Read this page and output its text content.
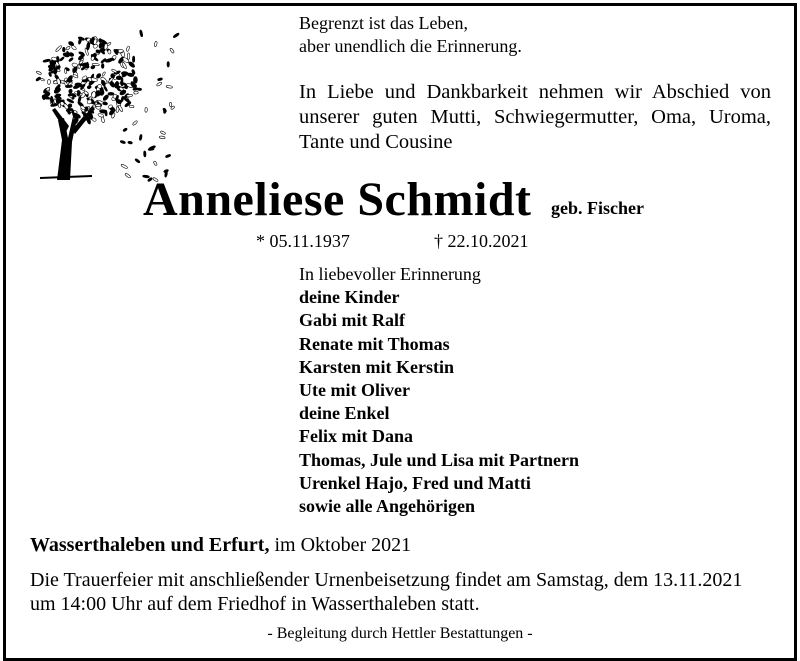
Begrenzt ist das Leben,
aber unendlich die Erinnerung.
In Liebe und Dankbarkeit nehmen wir Abschied von unserer guten Mutti, Schwiegermutter, Oma, Uroma, Tante und Cousine
Anneliese Schmidt geb. Fischer
* 05.11.1937	† 22.10.2021
In liebevoller Erinnerung
deine Kinder
Gabi mit Ralf
Renate mit Thomas
Karsten mit Kerstin
Ute mit Oliver
deine Enkel
Felix mit Dana
Thomas, Jule und Lisa mit Partnern
Urenkel Hajo, Fred und Matti
sowie alle Angehörigen
Wasserthaleben und Erfurt, im Oktober 2021
Die Trauerfeier mit anschließender Urnenbeisetzung findet am Samstag, dem 13.11.2021
um 14:00 Uhr auf dem Friedhof in Wasserthaleben statt.
- Begleitung durch Hettler Bestattungen -
